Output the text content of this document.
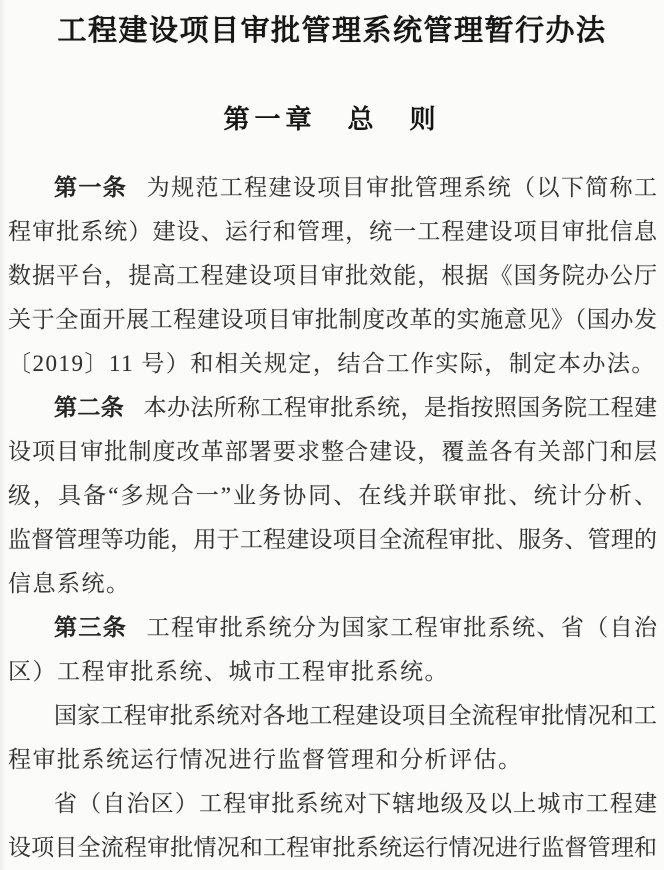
工程建设项目审批管理系统管理暂行办法
第一章　总　则
第一条 为规范工程建设项目审批管理系统（以下简称工
程审批系统）建设、运行和管理，统一工程建设项目审批信息
数据平台，提高工程建设项目审批效能，根据《国务院办公厅
关于全面开展工程建设项目审批制度改革的实施意见》（国办发
〔2019〕11 号）和相关规定，结合工作实际，制定本办法。
第二条 本办法所称工程审批系统，是指按照国务院工程建
设项目审批制度改革部署要求整合建设，覆盖各有关部门和层
级，具备“多规合一”业务协同、在线并联审批、统计分析、
监督管理等功能，用于工程建设项目全流程审批、服务、管理的
信息系统。
第三条 工程审批系统分为国家工程审批系统、省（自治
区）工程审批系统、城市工程审批系统。
国家工程审批系统对各地工程建设项目全流程审批情况和工
程审批系统运行情况进行监督管理和分析评估。
省（自治区）工程审批系统对下辖地级及以上城市工程建
设项目全流程审批情况和工程审批系统运行情况进行监督管理和
